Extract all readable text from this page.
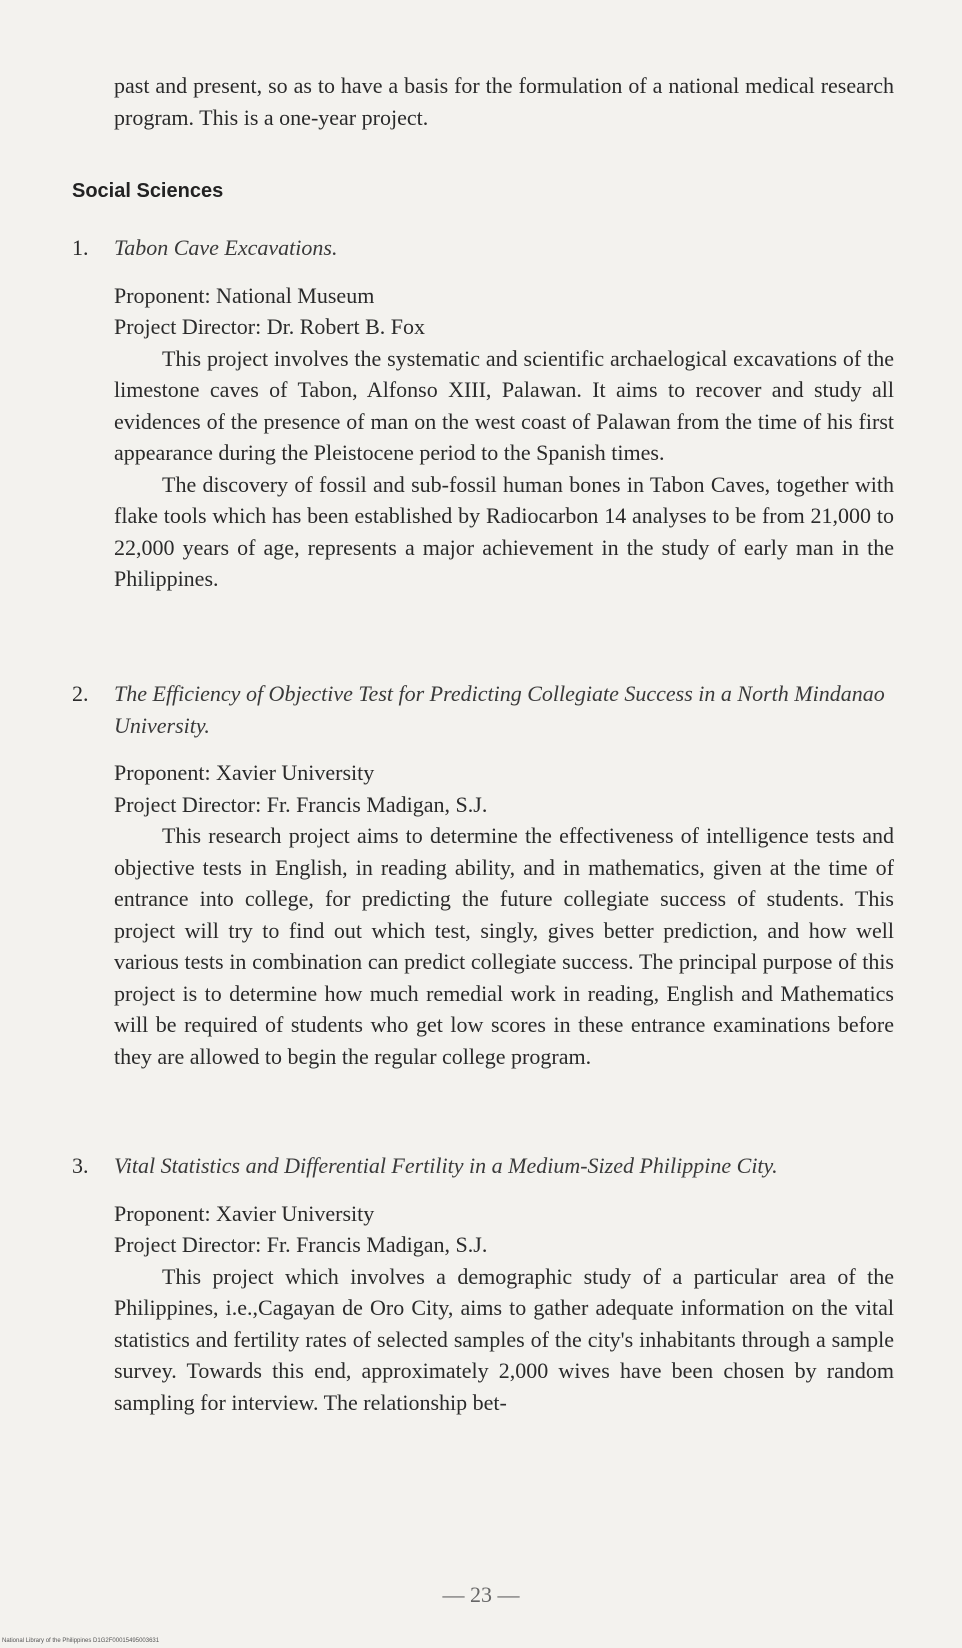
past and present, so as to have a basis for the formulation of a national medical research program. This is a one-year project.
Social Sciences
1.	Tabon Cave Excavations.
Proponent: National Museum
Project Director: Dr. Robert B. Fox

This project involves the systematic and scientific archaelogical excavations of the limestone caves of Tabon, Alfonso XIII, Palawan. It aims to recover and study all evidences of the presence of man on the west coast of Palawan from the time of his first appearance during the Pleistocene period to the Spanish times.

The discovery of fossil and sub-fossil human bones in Tabon Caves, together with flake tools which has been established by Radiocarbon 14 analyses to be from 21,000 to 22,000 years of age, represents a major achievement in the study of early man in the Philippines.

2.	The Efficiency of Objective Test for Predicting Collegiate Success in a North Mindanao University.
Proponent: Xavier University
Project Director: Fr. Francis Madigan, S.J.

This research project aims to determine the effectiveness of intelligence tests and objective tests in English, in reading ability, and in mathematics, given at the time of entrance into college, for predicting the future collegiate success of students. This project will try to find out which test, singly, gives better prediction, and how well various tests in combination can predict collegiate success. The principal purpose of this project is to determine how much remedial work in reading, English and Mathematics will be required of students who get low scores in these entrance examinations before they are allowed to begin the regular college program.

3.	Vital Statistics and Differential Fertility in a Medium-Sized Philippine City.
Proponent: Xavier University
Project Director: Fr. Francis Madigan, S.J.

This project which involves a demographic study of a particular area of the Philippines, i.e.,Cagayan de Oro City, aims to gather adequate information on the vital statistics and fertility rates of selected samples of the city's inhabitants through a sample survey. Towards this end, approximately 2,000 wives have been chosen by random sampling for interview. The relationship bet-

— 23 —
National Library of the Philippines D1G2F00015495003631
